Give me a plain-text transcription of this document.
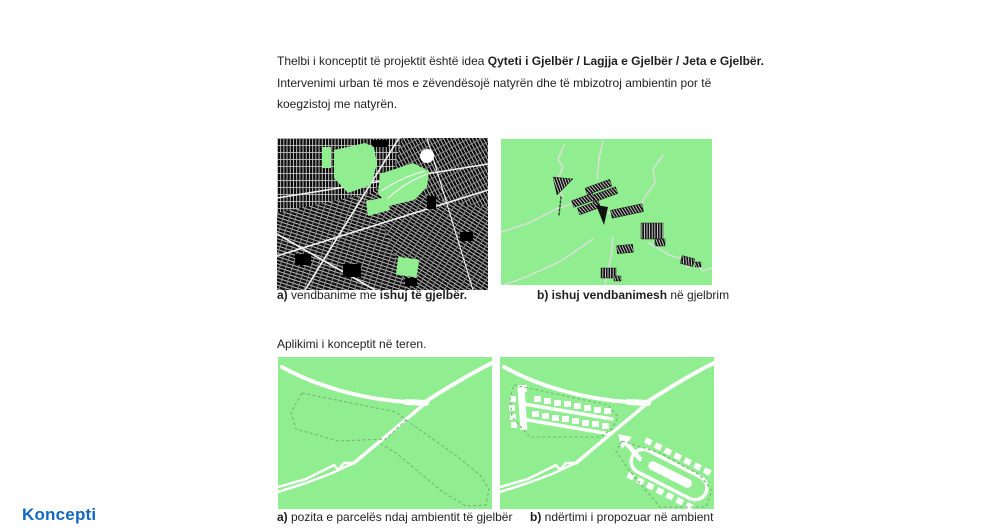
Thelbi i konceptit të projektit është idea Qyteti i Gjelbër / Lagjja e Gjelbër / Jeta e Gjelbër.
Intervenimi urban të mos e zëvendësojë natyrën dhe të mbizotroj ambientin por të
koegzistoj me natyrën.
a) vendbanime me ishuj të gjelbër.	b) ishuj vendbanimesh në gjelbrim
Aplikimi i konceptit në teren.
a) pozita e parcelës ndaj ambientit të gjelbër b) ndërtimi i propozuar në ambient
Koncepti
